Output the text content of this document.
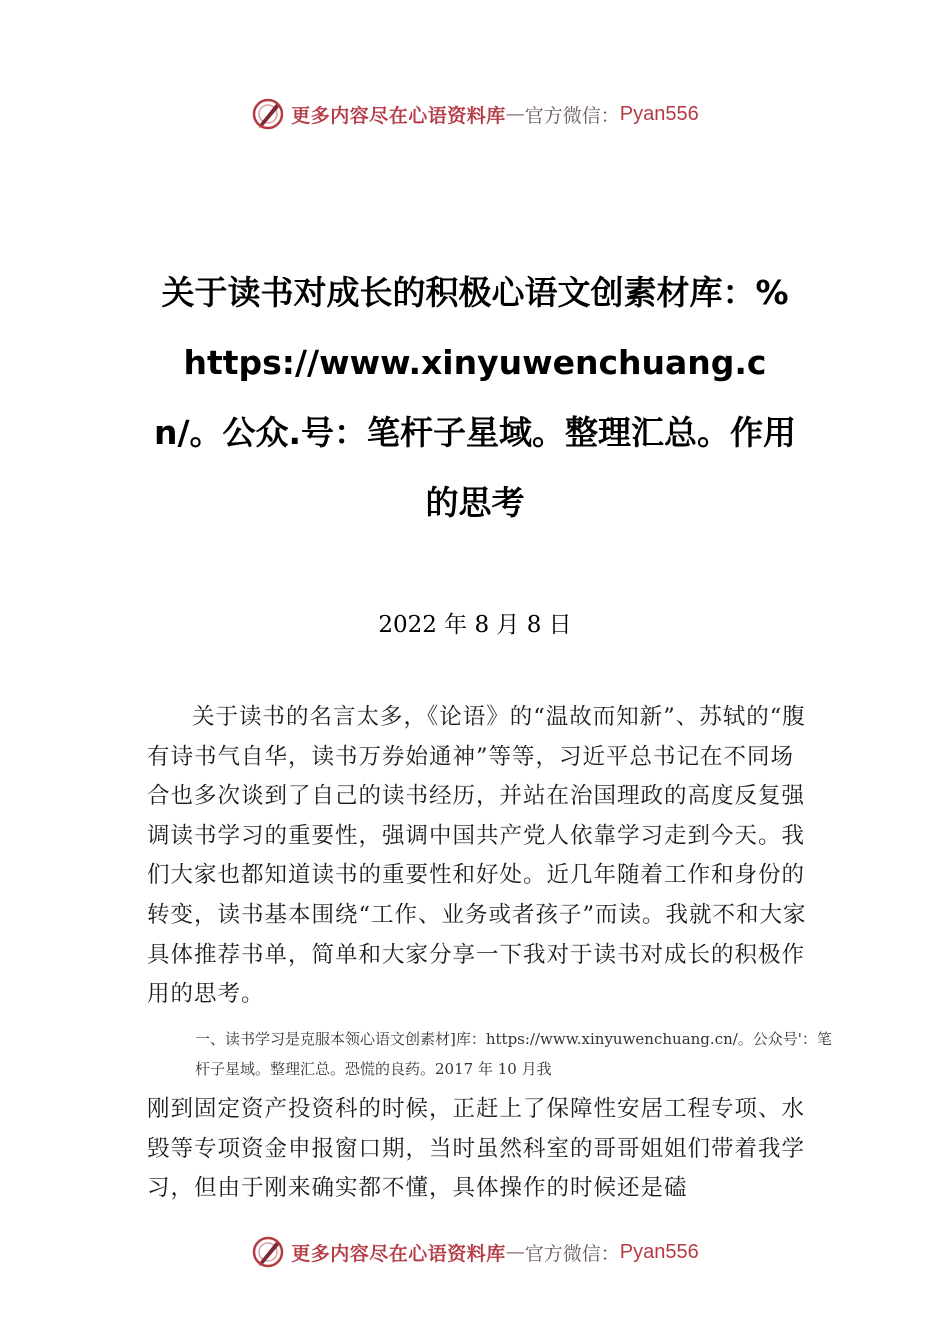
更多内容尽在心语资料库 — 官方微信： Pyan556
关于读书对成长的积极心语文创素材库：%https://www.xinyuwenchuang.cn/。公众.号：笔杆子星域。整理汇总。作用的思考
2022 年 8 月 8 日

关于读书的名言太多，《论语》的“温故而知新”、苏轼的“腹有诗书气自华，读书万券始通神”等等，习近平总书记在不同场合也多次谈到了自己的读书经历，并站在治国理政的高度反复强调读书学习的重要性，强调中国共产党人依靠学习走到今天。我们大家也都知道读书的重要性和好处。近几年随着工作和身份的转变，读书基本围绕“工作、业务或者孩子”而读。我就不和大家具体推荐书单，简单和大家分享一下我对于读书对成长的积极作用的思考。

一、读书学习是克服本领心语文创素材]库：https://www.xinyuwenchuang.cn/。公众号'：笔杆子星域。整理汇总。恐慌的良药。2017 年 10 月我

刚到固定资产投资科的时候，正赶上了保障性安居工程专项、水毁等专项资金申报窗口期，当时虽然科室的哥哥姐姐们带着我学习，但由于刚来确实都不懂，具体操作的时候还是磕

更多内容尽在心语资料库 — 官方微信： Pyan556
